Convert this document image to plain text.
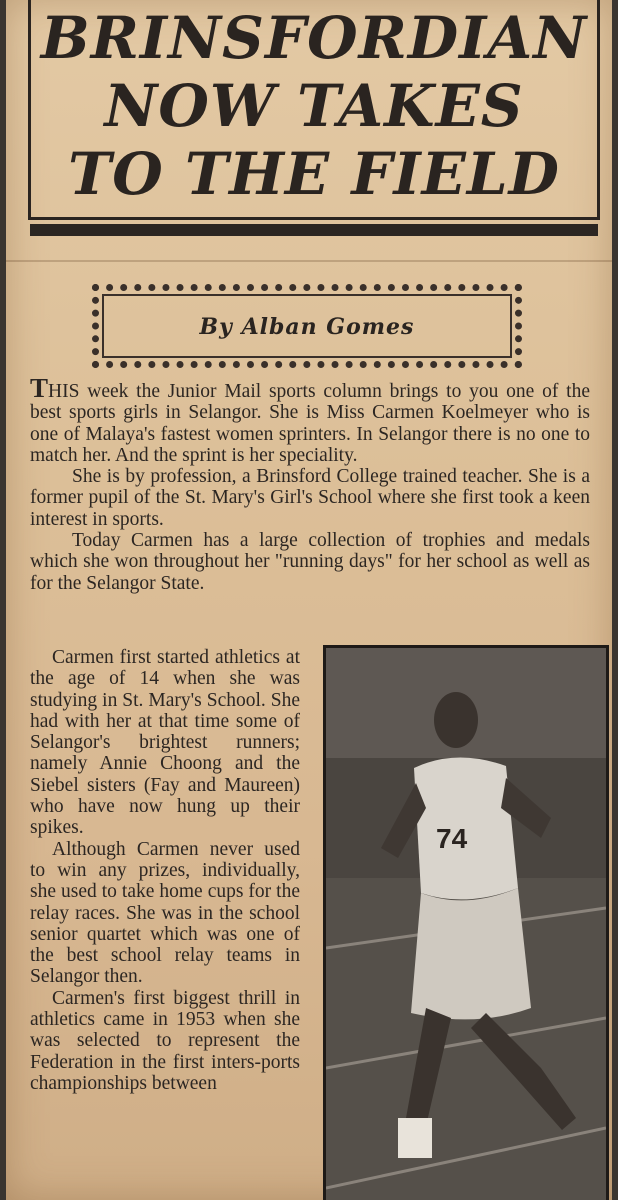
BRINSFORDIAN
NOW TAKES
TO THE FIELD

By Alban Gomes

THIS week the Junior Mail sports column brings to you one of the best sports girls in Selangor. She is Miss Carmen Koelmeyer who is one of Malaya's fastest women sprinters. In Selangor there is no one to match her. And the sprint is her speciality.

She is by profession, a Brinsford College trained teacher. She is a former pupil of the St. Mary's Girl's School where she first took a keen interest in sports.

Today Carmen has a large collection of trophies and medals which she won throughout her "running days" for her school as well as for the Selangor State.

Carmen first started athletics at the age of 14 when she was studying in St. Mary's School. She had with her at that time some of Selangor's brightest runners; namely Annie Choong and the Siebel sisters (Fay and Maureen) who have now hung up their spikes.

Although Carmen never used to win any prizes, individually, she used to take home cups for the relay races. She was in the school senior quartet which was one of the best school relay teams in Selangor then.

Carmen's first biggest thrill in athletics came in 1953 when she was selected to represent the Federation in the first inters-ports championships between

74
